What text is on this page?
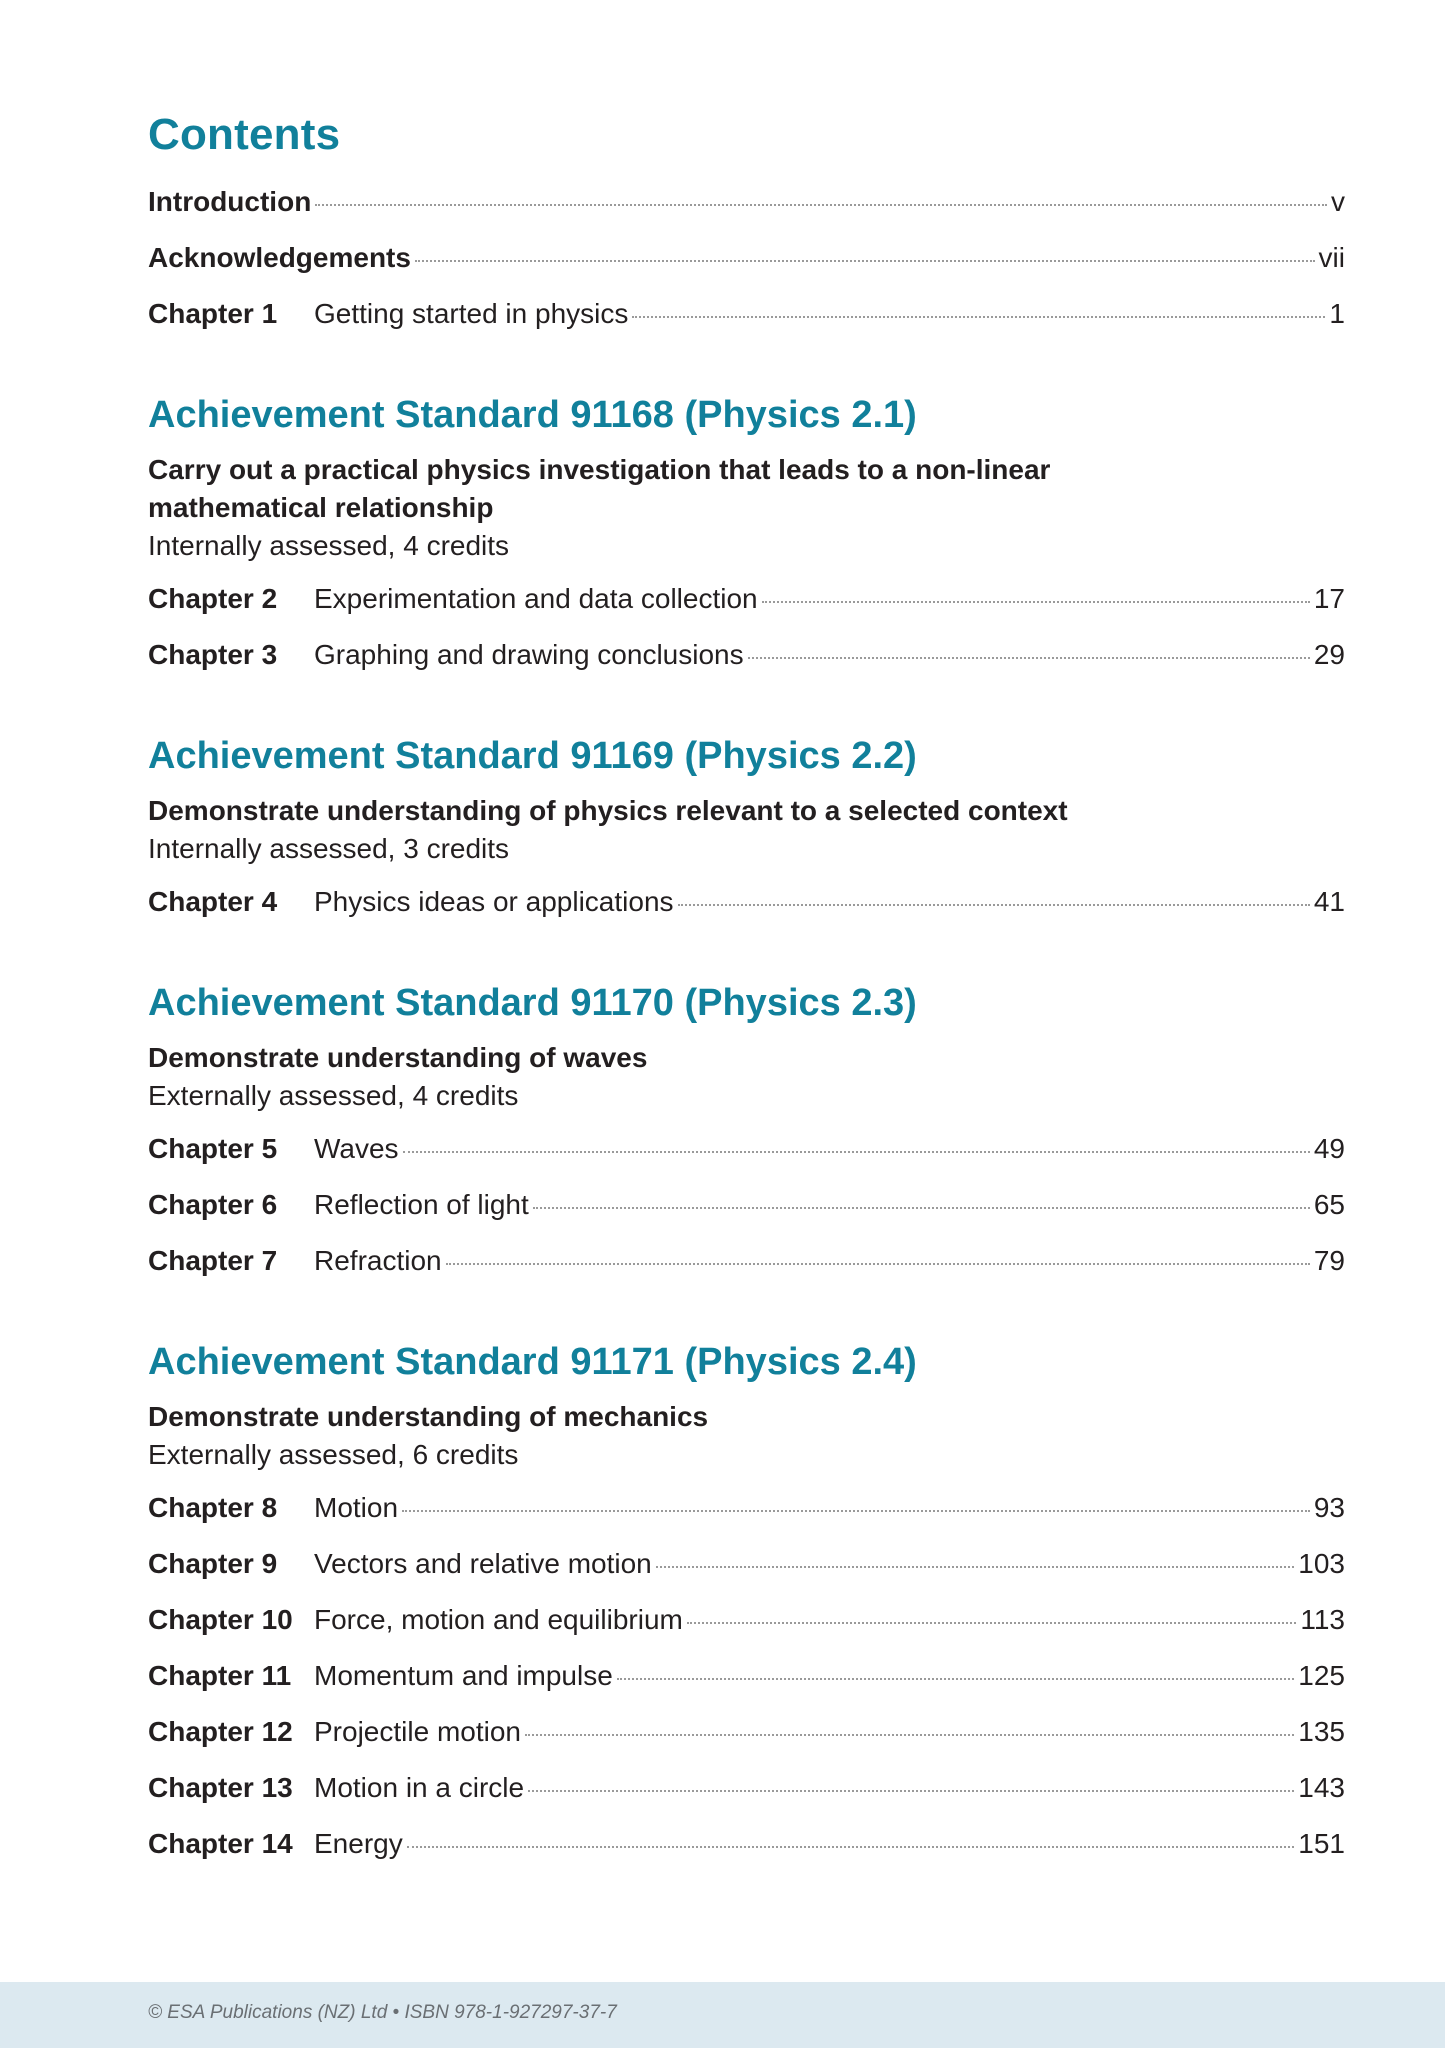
Contents
Introduction	v
Acknowledgements	vii
Chapter 1	Getting started in physics	1
Achievement Standard 91168 (Physics 2.1)
Carry out a practical physics investigation that leads to a non-linear mathematical relationship
Internally assessed, 4 credits
Chapter 2	Experimentation and data collection	17
Chapter 3	Graphing and drawing conclusions	29
Achievement Standard 91169 (Physics 2.2)
Demonstrate understanding of physics relevant to a selected context
Internally assessed, 3 credits
Chapter 4	Physics ideas or applications	41
Achievement Standard 91170 (Physics 2.3)
Demonstrate understanding of waves
Externally assessed, 4 credits
Chapter 5	Waves	49
Chapter 6	Reflection of light	65
Chapter 7	Refraction	79
Achievement Standard 91171 (Physics 2.4)
Demonstrate understanding of mechanics
Externally assessed, 6 credits
Chapter 8	Motion	93
Chapter 9	Vectors and relative motion	103
Chapter 10 Force, motion and equilibrium	113
Chapter 11 Momentum and impulse	125
Chapter 12 Projectile motion	135
Chapter 13 Motion in a circle	143
Chapter 14 Energy	151
© ESA Publications (NZ) Ltd • ISBN 978-1-927297-37-7
